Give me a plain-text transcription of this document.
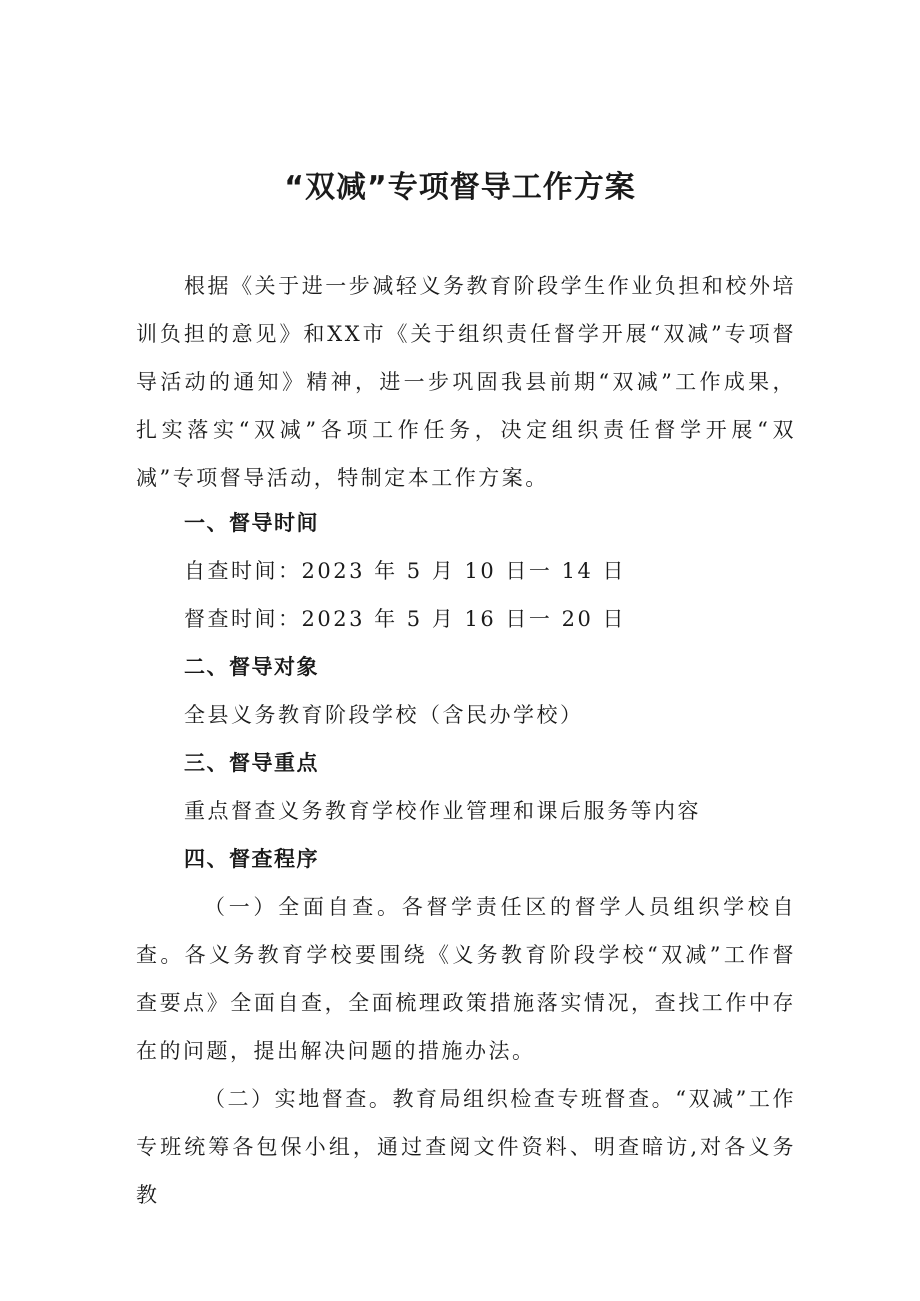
“双减”专项督导工作方案

根据《关于进一步减轻义务教育阶段学生作业负担和校外培训负担的意见》和XX市《关于组织责任督学开展“双减”专项督导活动的通知》精神，进一步巩固我县前期“双减”工作成果，扎实落实“双减”各项工作任务，决定组织责任督学开展“双减”专项督导活动，特制定本工作方案。

一、督导时间

自查时间：2023 年 5 月 10 日一 14 日

督查时间：2023 年 5 月 16 日一 20 日

二、督导对象

全县义务教育阶段学校（含民办学校）

三、督导重点

重点督查义务教育学校作业管理和课后服务等内容

四、督查程序

（一）全面自查。各督学责任区的督学人员组织学校自查。各义务教育学校要围绕《义务教育阶段学校“双减”工作督查要点》全面自查，全面梳理政策措施落实情况，查找工作中存在的问题，提出解决问题的措施办法。

（二）实地督查。教育局组织检查专班督查。“双减”工作专班统筹各包保小组，通过查阅文件资料、明查暗访,对各义务教
